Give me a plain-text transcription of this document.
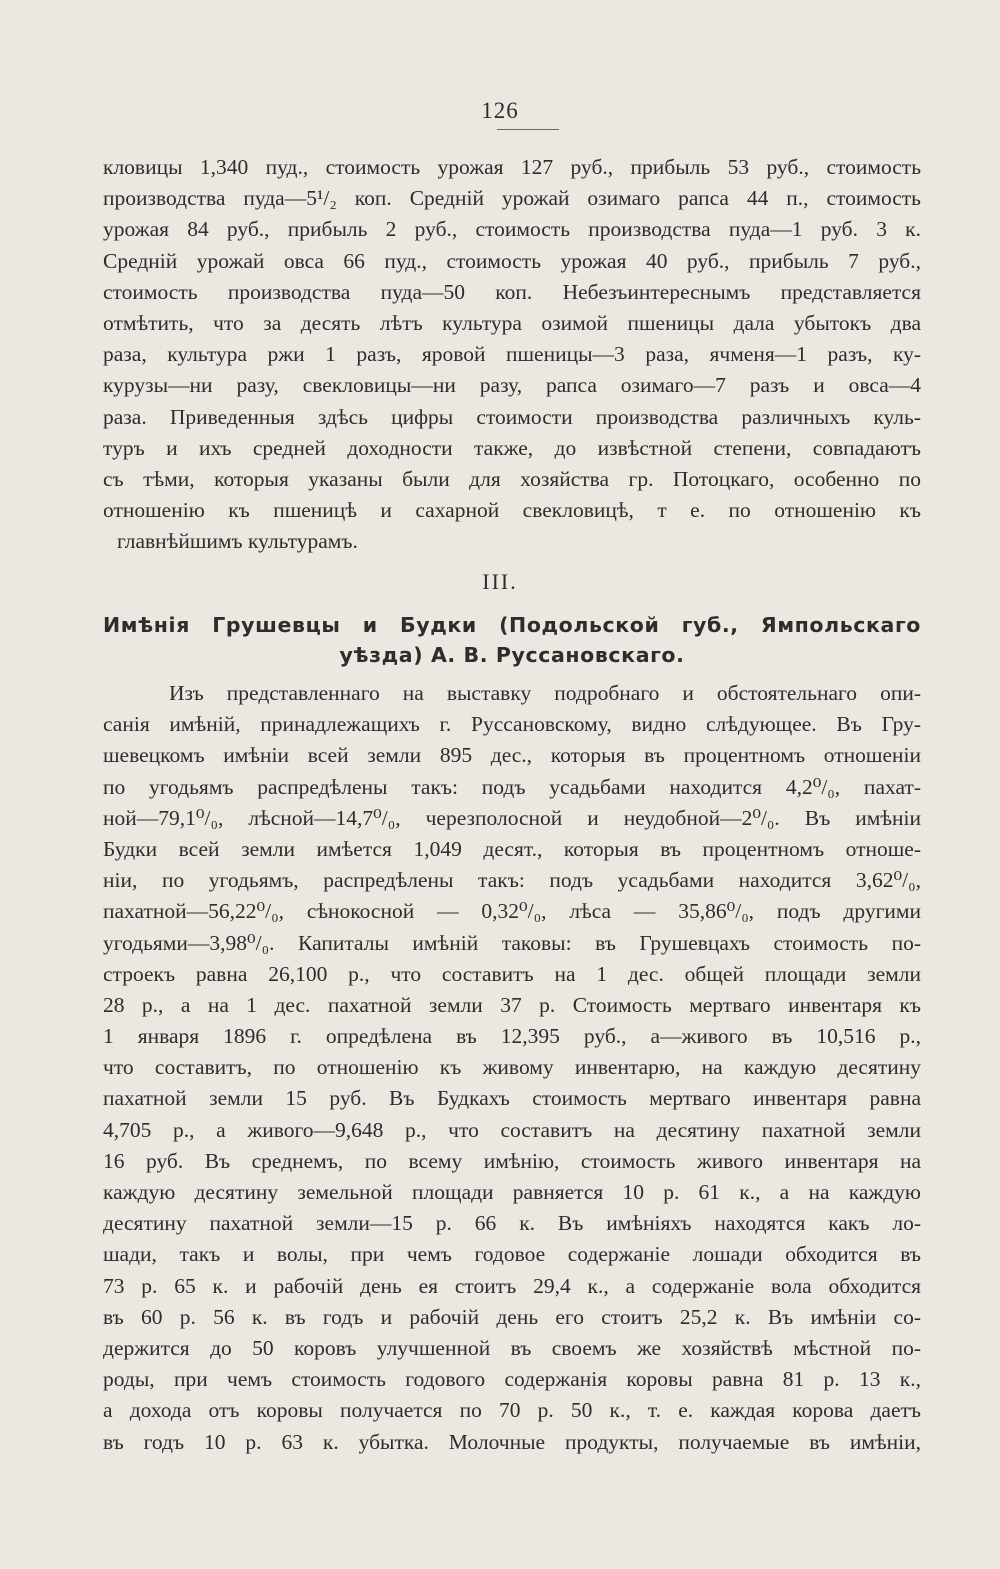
126
кловицы 1,340 пуд., стоимость урожая 127 руб., прибыль 53 руб., стоимость
производства пуда—5¹/₂ коп. Среднiй урожай озимаго рапса 44 п., стоимость
урожая 84 руб., прибыль 2 руб., стоимость производства пуда—1 руб. 3 к.
Среднiй урожай овса 66 пуд., стоимость урожая 40 руб., прибыль 7 руб.,
стоимость производства пуда—50 коп. Небезъинтереснымъ представляется
отмѣтить, что за десять лѣтъ культура озимой пшеницы дала убытокъ два
раза, культура ржи 1 разъ, яровой пшеницы—3 раза, ячменя—1 разъ, ку-
курузы—ни разу, свекловицы—ни разу, рапса озимаго—7 разъ и овса—4
раза. Приведенныя здѣсь цифры стоимости производства различныхъ куль-
туръ и ихъ средней доходности также, до извѣстной степени, совпадаютъ
съ тѣми, которыя указаны были для хозяйства гр. Потоцкаго, особенно по
отношенiю къ пшеницѣ и сахарной свекловицѣ, т е. по отношенiю къ
главнѣйшимъ культурамъ.
III.
Имѣнiя Грушевцы и Будки (Подольской губ., Ямпольскаго
уѣзда) А. В. Руссановскаго.
Изъ представленнаго на выставку подробнаго и обстоятельнаго опи-
санiя имѣнiй, принадлежащихъ г. Руссановскому, видно слѣдующее. Въ Гру-
шевецкомъ имѣнiи всей земли 895 дес., которыя въ процентномъ отношенiи
по угодьямъ распредѣлены такъ: подъ усадьбами находится 4,2⁰/₀, пахат-
ной—79,1⁰/₀, лѣсной—14,7⁰/₀, черезполосной и неудобной—2⁰/₀. Въ имѣнiи
Будки всей земли имѣется 1,049 десят., которыя въ процентномъ отноше-
нiи, по угодьямъ, распредѣлены такъ: подъ усадьбами находится 3,62⁰/₀,
пахатной—56,22⁰/₀, сѣнокосной — 0,32⁰/₀, лѣса — 35,86⁰/₀, подъ другими
угодьями—3,98⁰/₀. Капиталы имѣнiй таковы: въ Грушевцахъ стоимость по-
строекъ равна 26,100 р., что составитъ на 1 дес. общей площади земли
28 р., а на 1 дес. пахатной земли 37 р. Стоимость мертваго инвентаря къ
1 января 1896 г. опредѣлена въ 12,395 руб., а—живого въ 10,516 р.,
что составитъ, по отношенiю къ живому инвентарю, на каждую десятину
пахатной земли 15 руб. Въ Будкахъ стоимость мертваго инвентаря равна
4,705 р., а живого—9,648 р., что составитъ на десятину пахатной земли
16 руб. Въ среднемъ, по всему имѣнiю, стоимость живого инвентаря на
каждую десятину земельной площади равняется 10 р. 61 к., а на каждую
десятину пахатной земли—15 р. 66 к. Въ имѣнiяхъ находятся какъ ло-
шади, такъ и волы, при чемъ годовое содержанiе лошади обходится въ
73 р. 65 к. и рабочiй день ея стоитъ 29,4 к., а содержанiе вола обходится
въ 60 р. 56 к. въ годъ и рабочiй день его стоитъ 25,2 к. Въ имѣнiи со-
держится до 50 коровъ улучшенной въ своемъ же хозяйствѣ мѣстной по-
роды, при чемъ стоимость годового содержанiя коровы равна 81 р. 13 к.,
а дохода отъ коровы получается по 70 р. 50 к., т. е. каждая корова даетъ
въ годъ 10 р. 63 к. убытка. Молочные продукты, получаемые въ имѣнiи,
